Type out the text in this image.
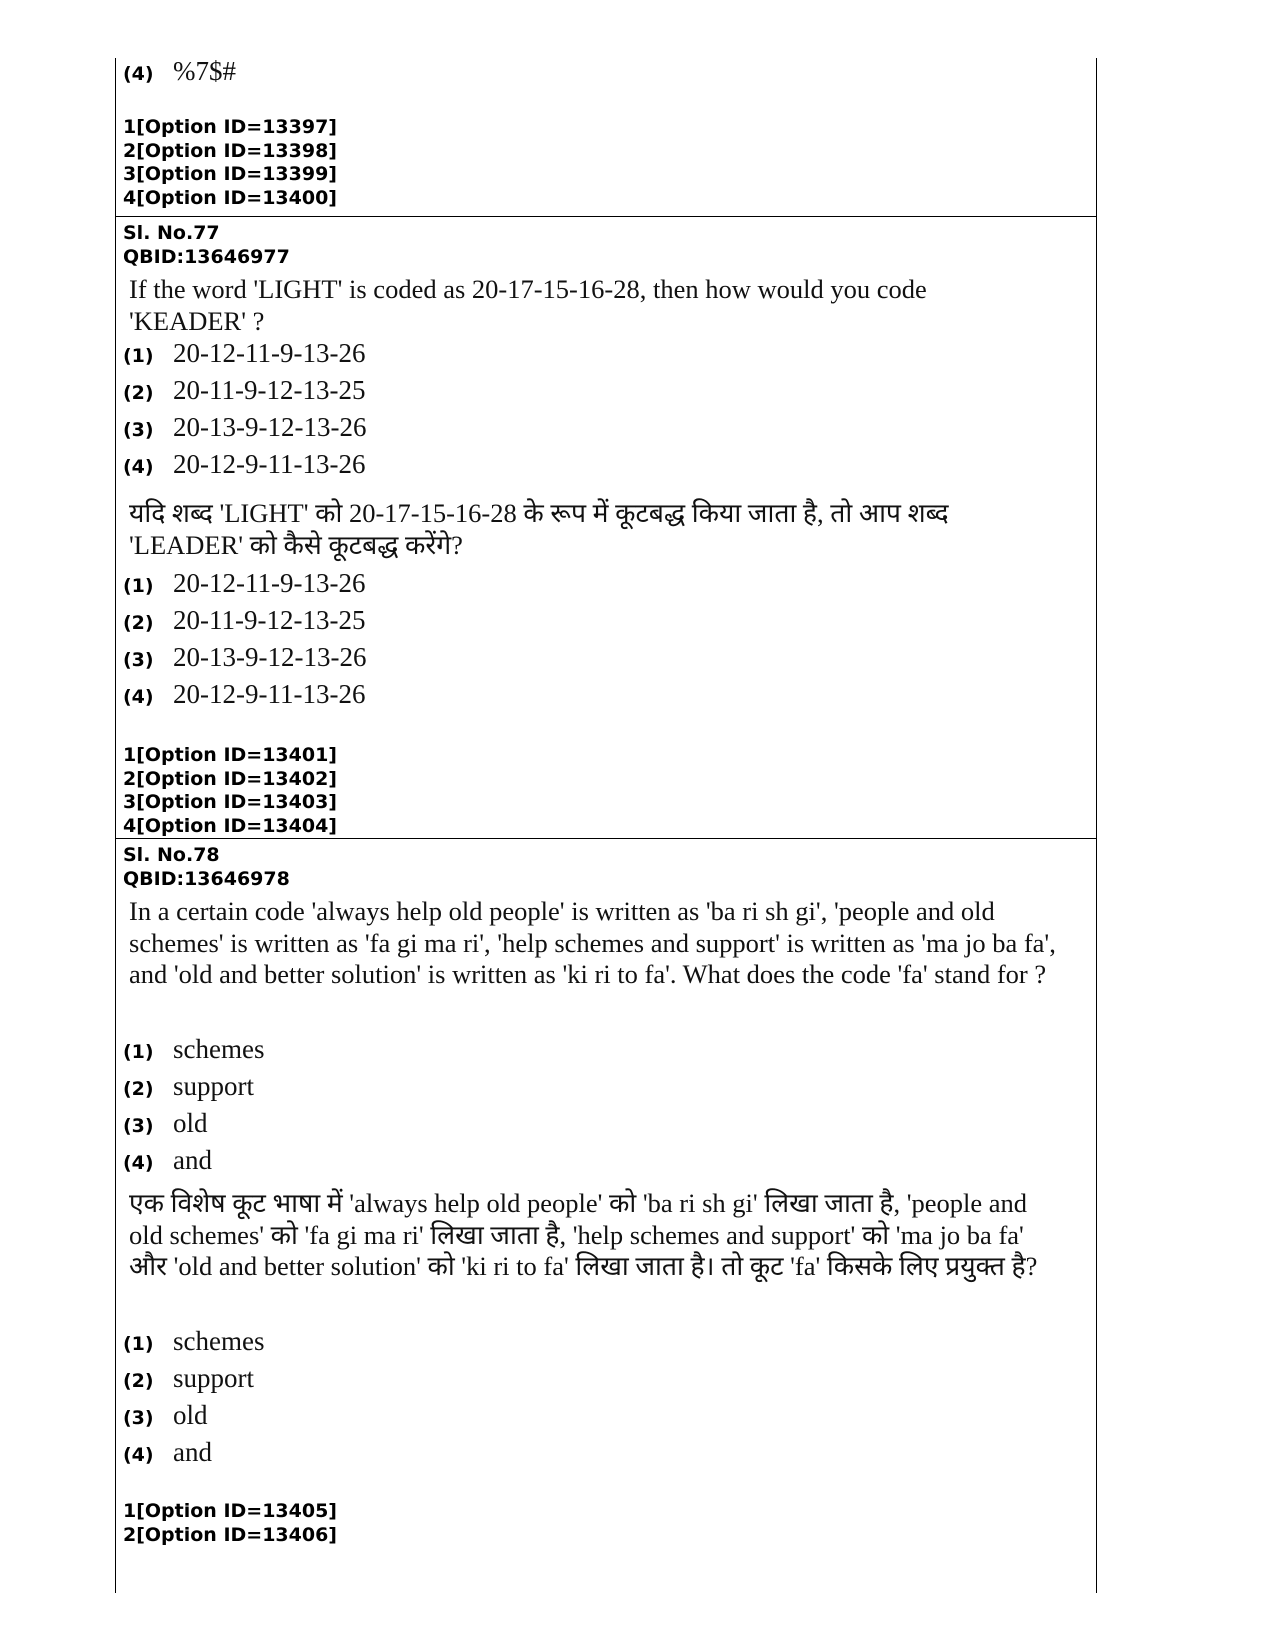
(4) %7$#
1[Option ID=13397]
2[Option ID=13398]
3[Option ID=13399]
4[Option ID=13400]
Sl. No.77
QBID:13646977
If the word 'LIGHT' is coded as 20-17-15-16-28, then how would you code 'KEADER' ?
(1) 20-12-11-9-13-26
(2) 20-11-9-12-13-25
(3) 20-13-9-12-13-26
(4) 20-12-9-11-13-26
यदि शब्द 'LIGHT' को 20-17-15-16-28 के रूप में कूटबद्ध किया जाता है, तो आप शब्द 'LEADER' को कैसे कूटबद्ध करेंगे?
(1) 20-12-11-9-13-26
(2) 20-11-9-12-13-25
(3) 20-13-9-12-13-26
(4) 20-12-9-11-13-26
1[Option ID=13401]
2[Option ID=13402]
3[Option ID=13403]
4[Option ID=13404]
Sl. No.78
QBID:13646978
In a certain code 'always help old people' is written as 'ba ri sh gi', 'people and old schemes' is written as 'fa gi ma ri', 'help schemes and support' is written as 'ma jo ba fa', and 'old and better solution' is written as 'ki ri to fa'. What does the code 'fa' stand for ?
(1) schemes
(2) support
(3) old
(4) and
एक विशेष कूट भाषा में 'always help old people' को 'ba ri sh gi' लिखा जाता है, 'people and old schemes' को 'fa gi ma ri' लिखा जाता है, 'help schemes and support' को 'ma jo ba fa' और 'old and better solution' को 'ki ri to fa' लिखा जाता है। तो कूट 'fa' किसके लिए प्रयुक्त है?
(1) schemes
(2) support
(3) old
(4) and
1[Option ID=13405]
2[Option ID=13406]
